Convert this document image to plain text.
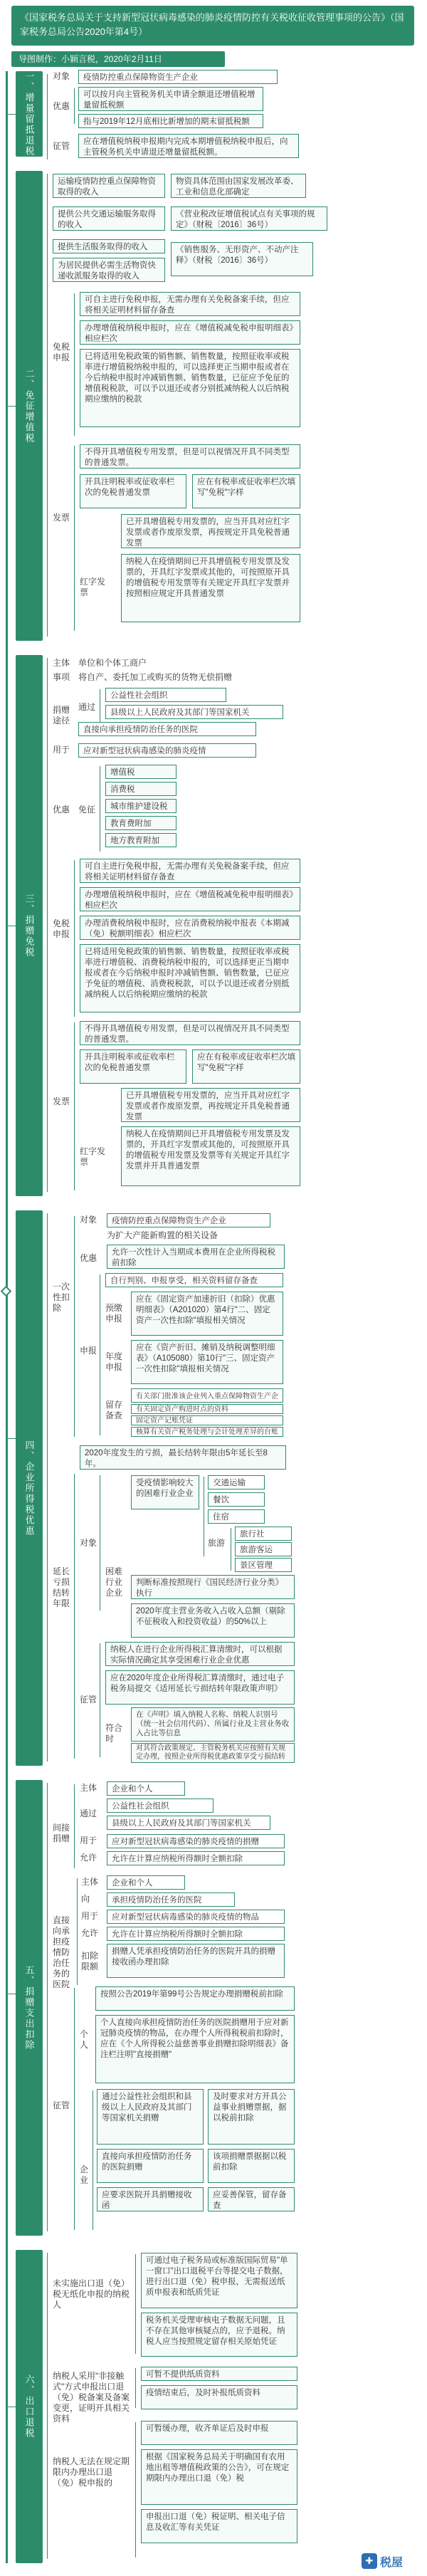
《国家税务总局关于支持新型冠状病毒感染的肺炎疫情防控有关税收征收管理事项的公告》（国家税务总局公告2020年第4号）
导图制作：小颖言税，2020年2月11日
一、增量留抵退税	对象	疫情防控重点保障物资生产企业
优惠
可以按月向主管税务机关申请全额退还增值税增量留抵税额
指与2019年12月底相比新增加的期末留抵税额
征管	应在增值税纳税申报期内完成本期增值税纳税申报后，向主管税务机关申请退还增量留抵税额。
二、免征增值税
运输疫情防控重点保障物资取得的收入
物资具体范围由国家发展改革委、工业和信息化部确定
提供公共交通运输服务取得的收入
《营业税改征增值税试点有关事项的规定》（财税〔2016〕36号）
提供生活服务取得的收入
为居民提供必需生活物资快递收派服务取得的收入
《销售服务、无形资产、不动产注释》（财税〔2016〕36号）
免税申报
可自主进行免税申报，无需办理有关免税备案手续，但应将相关证明材料留存备查
办理增值税纳税申报时，应在《增值税减免税申报明细表》相应栏次
已将适用免税政策的销售额、销售数量，按照征收率或税率进行增值税纳税申报的，可以选择更正当期申报或者在今后纳税申报时冲减销售额、销售数量，已征应予免征的增值税税款，可以予以退还或者分别抵减纳税人以后纳税期应缴纳的税款
发票
不得开具增值税专用发票，但是可以视情况开具不同类型的普通发票。
开具注明税率或征收率栏次的免税普通发票
应在有税率或征收率栏次填写"免税"字样
已开具增值税专用发票的，应当开具对应红字发票或者作废原发票，再按规定开具免税普通发票
红字发票
纳税人在疫情期间已开具增值税专用发票及发票的，开具红字发票或其他的，可按照原开具的增值税专用发票等有关规定开具红字发票并按照相应规定开具普通发票
三、捐赠免税
主体 单位和个体工商户
事项 将自产、委托加工或购买的货物无偿捐赠
捐赠途径
通过
公益性社会组织
县级以上人民政府及其部门等国家机关
直接向承担疫情防治任务的医院
用于	应对新型冠状病毒感染的肺炎疫情
优惠 免征
增值税
消费税
城市维护建设税
教育费附加
地方教育附加
免税申报
可自主进行免税申报，无需办理有关免税备案手续，但应将相关证明材料留存备查
办理增值税纳税申报时，应在《增值税减免税申报明细表》相应栏次
办理消费税纳税申报时，应在消费税纳税申报表《本期减（免）税额明细表》相应栏次
已将适用免税政策的销售额、销售数量，按照征收率或税率进行增值税、消费税纳税申报的，可以选择更正当期申报或者在今后纳税申报时冲减销售额、销售数量，已征应予免征的增值税、消费税税款，可以予以退还或者分别抵减纳税人以后纳税期应缴纳的税款
发票
不得开具增值税专用发票，但是可以视情况开具不同类型的普通发票。
开具注明税率或征收率栏次的免税普通发票
应在有税率或征收率栏次填写"免税"字样
已开具增值税专用发票的，应当开具对应红字发票或者作废原发票，再按规定开具免税普通发票
红字发票
纳税人在疫情期间已开具增值税专用发票及发票的，开具红字发票或其他的，可按照原开具的增值税专用发票及发票等有关规定开具红字发票并开具普通发票
四、企业所得税优惠
一次性扣除
对象	疫情防控重点保障物资生产企业
为扩大产能新购置的相关设备
优惠
允许一次性计入当期成本费用在企业所得税税前扣除
申报
自行判别、申报享受，相关资料留存备查
预缴申报
应在《固定资产加速折旧（扣除）优惠明细表》（A201020）第4行"二、固定资产一次性扣除"填报相关情况
年度申报
应在《资产折旧、摊销及纳税调整明细表》（A105080）第10行"三、固定资产一次性扣除"填报相关情况
留存备查
有关部门批准该企业列入重点保障物资生产企
有关固定资产购进时点的资料
固定资产记账凭证
核算有关资产税务处理与会计处理差异的台账
2020年度发生的亏损，最长结转年限由5年延长至8年。
延长亏损结转年限
对象
困难行业企业
受疫情影响较大的困难行业企业
交通运输
餐饮
住宿
旅游
旅行社
旅游客运
景区管理
判断标准按照现行《国民经济行业分类》执行
2020年度主营业务收入占收入总额（剔除不征税收入和投资收益）的50%以上
征管
纳税人在进行企业所得税汇算清缴时，可以根据实际情况确定其享受困难行业企业优惠
应在2020年度企业所得税汇算清缴时，通过电子税务局提交《适用延长亏损结转年限政策声明》
符合时
在《声明》填入纳税人名称、纳税人识别号（统一社会信用代码）、所属行业及主营业务收入占比等信息
对其符合政策规定、主管税务机关应按照有关规定办理，按照企业所得税优惠政策享受亏损结转
五、捐赠支出扣除
间接捐赠
主体	企业和个人
通过
公益性社会组织
县级以上人民政府及其部门等国家机关
用于	应对新型冠状病毒感染的肺炎疫情的捐赠
允许	允许在计算应纳税所得额时全额扣除
直接向承担疫情防治任务的医院
主体	企业和个人
向	承担疫情防治任务的医院
用于	应对新型冠状病毒感染的肺炎疫情的物品
允许	允许在计算应纳税所得额时全额扣除
扣除限额
捐赠人凭承担疫情防治任务的医院开具的捐赠接收函办理扣除
征管
个人
按照公告2019年第99号公告规定办理捐赠税前扣除
个人直接向承担疫情防治任务的医院捐赠用于应对新冠肺炎疫情的物品，在办理个人所得税税前扣除时，应在《个人所得税公益慈善事业捐赠扣除明细表》备注栏注明"直接捐赠"
企业
通过公益性社会组织和县级以上人民政府及其部门等国家机关捐赠
及时要求对方开具公益事业捐赠票据，据以税前扣除
直接向承担疫情防治任务的医院捐赠
该项捐赠票据据以税前扣除
应要求医院开具捐赠接收函
应妥善保管，留存备查
六、出口退税
未实施出口退（免）税无纸化申报的纳税人
可通过电子税务局或标准版国际贸易"单一窗口"出口退税平台等提交电子数据，进行出口退（免）税申报，无需报送纸质申报表和纸质凭证
税务机关受理审核电子数据无问题，且不存在其他审核疑点的，应予退税。纳税人应当按照规定留存相关原始凭证
纳税人采用"非接触式"方式申报出口退（免）税备案及备案变更，证明开具相关资料
可暂不提供纸质资料
疫情结束后，及时补报纸质资料
纳税人无法在规定期限内办理出口退（免）税申报的
可暂缓办理，收齐单证后及时申报
根据《国家税务总局关于明确国有农用地出租等增值税政策的公告》，可在规定期限内办理出口退（免）税
申报出口退（免）税证明、相关电子信息及收汇等有关凭证
✚ 税屋
